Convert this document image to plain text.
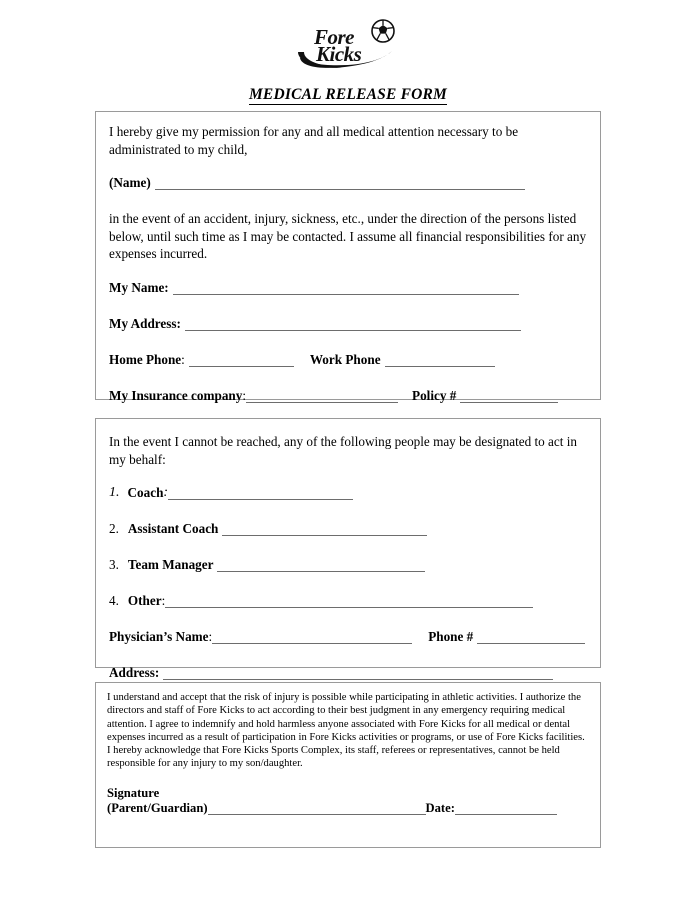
Fore
Kicks
MEDICAL RELEASE FORM

I hereby give my permission for any and all medical attention necessary to be administrated to my child,

(Name)

in the event of an accident, injury, sickness, etc., under the direction of the persons listed below, until such time as I may be contacted. I assume all financial responsibilities for any expenses incurred.

My Name:
My Address:
Home Phone :	Work Phone
My Insurance company :	Policy #

In the event I cannot be reached, any of the following people may be designated to act in my behalf:

1. Coach :
2. Assistant Coach
3. Team Manager
4. Other :
Physician’s Name :	Phone #
Address:

I understand and accept that the risk of injury is possible while participating in athletic activities. I authorize the directors and staff of Fore Kicks to act according to their best judgment in any emergency requiring medical attention. I agree to indemnify and hold harmless anyone associated with Fore Kicks for all medical or dental expenses incurred as a result of participation in Fore Kicks activities or programs, or use of Fore Kicks facilities. I hereby acknowledge that Fore Kicks Sports Complex, its staff, referees or representatives, cannot be held responsible for any injury to my son/daughter.

Signature
(Parent/Guardian)	Date:
